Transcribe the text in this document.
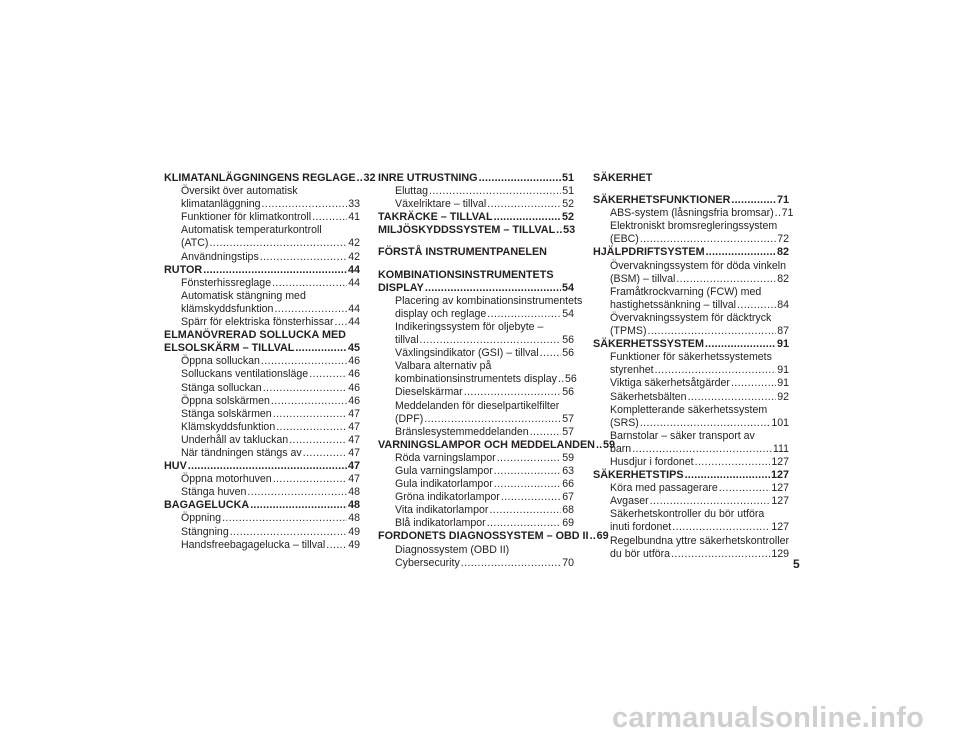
KLIMATANLÄGGNINGENS REGLAGE ..... 32
Översikt över automatisk
klimatanläggning .....	33
Funktioner för klimatkontroll .....	41
Automatisk temperaturkontroll
(ATC) .....	42
Användningstips .....	42
RUTOR .....	44
Fönsterhissreglage .....	44
Automatisk stängning med
klämskyddsfunktion .....	44
Spärr för elektriska fönsterhissar ..... 44
ELMANÖVRERAD SOLLUCKA MED
ELSOLSKÄRM – TILLVAL .....	45
Öppna solluckan .....	46
Solluckans ventilationsläge .....	46
Stänga solluckan .....	46
Öppna solskärmen .....	46
Stänga solskärmen .....	47
Klämskyddsfunktion .....	47
Underhåll av takluckan .....	47
När tändningen stängs av .....	47
HUV .....	47
Öppna motorhuven .....	47
Stänga huven .....	48
BAGAGELUCKA .....	48
Öppning .....	48
Stängning .....	49
Handsfreebagagelucka – tillval ..... 49
INRE UTRUSTNING .....	51
Eluttag .....	51
Växelriktare – tillval .....	52
TAKRÄCKE – TILLVAL .....	52
MILJÖSKYDDSSYSTEM – TILLVAL ..... 53
FÖRSTÅ INSTRUMENTPANELEN
KOMBINATIONSINSTRUMENTETS
DISPLAY .....	54
Placering av kombinationsinstrumentets
display och reglage .....	54
Indikeringssystem för oljebyte –
tillval .....	56
Växlingsindikator (GSI) – tillval ..... 56
Valbara alternativ på
kombinationsinstrumentets display ..... 56
Dieselskärmar .....	56
Meddelanden för dieselpartikelfilter
(DPF) .....	57
Bränslesystemmeddelanden .....	57
VARNINGSLAMPOR OCH MEDDELANDEN ..... 59
Röda varningslampor .....	59
Gula varningslampor .....	63
Gula indikatorlampor .....	66
Gröna indikatorlampor .....	67
Vita indikatorlampor .....	68
Blå indikatorlampor .....	69
FORDONETS DIAGNOSSYSTEM – OBD II ..... 69
Diagnossystem (OBD II)
Cybersecurity .....	70
SÄKERHET
SÄKERHETSFUNKTIONER .....	71
ABS-system (låsningsfria bromsar) ..... 71
Elektroniskt bromsregleringssystem
(EBC) .....	72
HJÄLPDRIFTSYSTEM .....	82
Övervakningssystem för döda vinkeln
(BSM) – tillval .....	82
Framåtkrockvarning (FCW) med
hastighetssänkning – tillval .....	84
Övervakningssystem för däcktryck
(TPMS) .....	87
SÄKERHETSSYSTEM .....	91
Funktioner för säkerhetssystemets
styrenhet .....	91
Viktiga säkerhetsåtgärder .....	91
Säkerhetsbälten .....	92
Kompletterande säkerhetssystem
(SRS) .....	101
Barnstolar – säker transport av
barn .....	111
Husdjur i fordonet .....	127
SÄKERHETSTIPS .....	127
Köra med passagerare .....	127
Avgaser .....	127
Säkerhetskontroller du bör utföra
inuti fordonet .....	127
Regelbundna yttre säkerhetskontroller
du bör utföra .....	129
5
carmanualsonline.info
